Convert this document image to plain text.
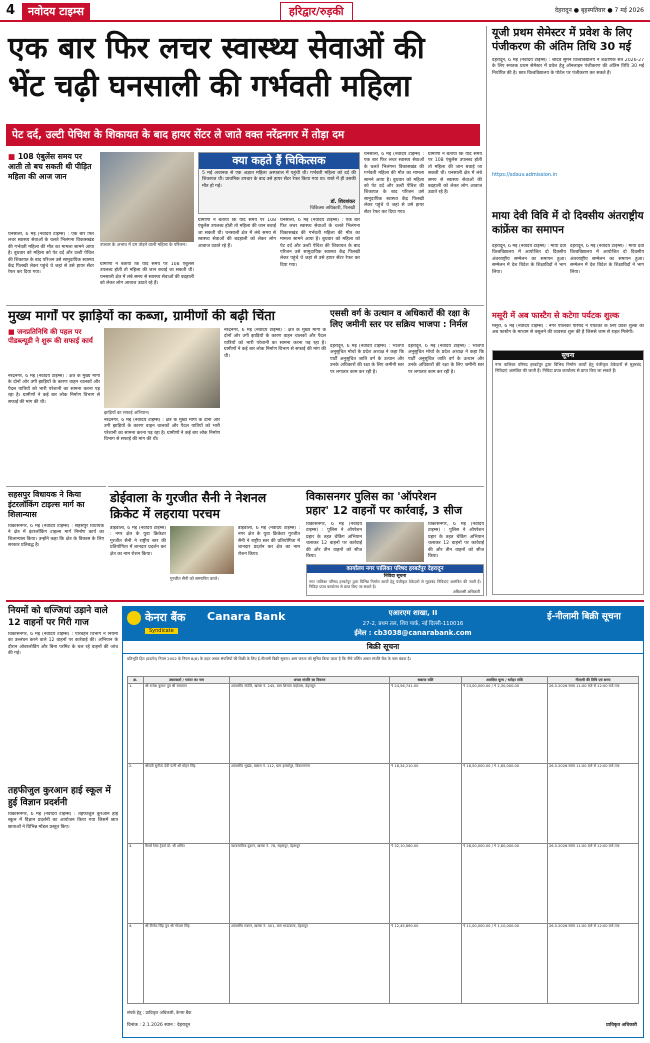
4	नवोदय टाइम्स	हरिद्वार/रुड़की	देहरादून ● बृहस्पतिवार ● 7 मई 2026
एक बार फिर लचर स्वास्थ्य सेवाओं की
भेंट चढ़ी घनसाली की गर्भवती महिला
पेट दर्द, उल्टी पेचिश के शिकायत के बाद हायर सेंटर ले जाते वक्त नरेंद्रनगर में तोड़ा दम
■ 108 एंबुलेंस समय पर आती तो बच सकती थी पीड़ित महिला की आज जान
घनसाली, 6 मई (नवोदय टाइम्स) : एक बार फिर लचर स्वास्थ्य सेवाओं के चलते भिलंगना विकासखंड की गर्भवती महिला की मौत का मामला सामने आया है। बुधवार को महिला को पेट दर्द और उल्टी पेचिश की शिकायत के बाद परिजन उसे सामुदायिक स्वास्थ्य केंद्र पिलखी लेकर पहुंचे थे जहां से उसे हायर सेंटर रेफर कर दिया गया।
उपचार के अभाव में दम तोड़ने वाली महिला के परिजन।
ग्रामीणों ने बताया कि यदि समय पर 108 एंबुलेंस उपलब्ध होती तो महिला की जान बचाई जा सकती थी। घनसाली क्षेत्र में लंबे समय से स्वास्थ्य सेवाओं की बदहाली को लेकर लोग आवाज उठाते रहे हैं।
क्या कहते हैं चिकित्सक
5 मई अचानक से एक अज्ञात महिला अस्पताल में पहुंची थी। गर्भवती महिला को दर्द की शिकायत थी। प्राथमिक उपचार के बाद उसे हायर सेंटर रेफर किया गया था। रास्ते में ही उसकी मौत हो गई।
डॉ. शिवशंकर
चिकित्सा अधिकारी, पिलखी
ग्रामीणों ने बताया कि यदि समय पर 108 एंबुलेंस उपलब्ध होती तो महिला की जान बचाई जा सकती थी। घनसाली क्षेत्र में लंबे समय से स्वास्थ्य सेवाओं की बदहाली को लेकर लोग आवाज उठाते रहे हैं।
घनसाली, 6 मई (नवोदय टाइम्स) : एक बार फिर लचर स्वास्थ्य सेवाओं के चलते भिलंगना विकासखंड की गर्भवती महिला की मौत का मामला सामने आया है। बुधवार को महिला को पेट दर्द और उल्टी पेचिश की शिकायत के बाद परिजन उसे सामुदायिक स्वास्थ्य केंद्र पिलखी लेकर पहुंचे थे जहां से उसे हायर सेंटर रेफर कर दिया गया।
घनसाली, 6 मई (नवोदय टाइम्स) : एक बार फिर लचर स्वास्थ्य सेवाओं के चलते भिलंगना विकासखंड की गर्भवती महिला की मौत का मामला सामने आया है। बुधवार को महिला को पेट दर्द और उल्टी पेचिश की शिकायत के बाद परिजन उसे सामुदायिक स्वास्थ्य केंद्र पिलखी लेकर पहुंचे थे जहां से उसे हायर सेंटर रेफर कर दिया गया।
ग्रामीणों ने बताया कि यदि समय पर 108 एंबुलेंस उपलब्ध होती तो महिला की जान बचाई जा सकती थी। घनसाली क्षेत्र में लंबे समय से स्वास्थ्य सेवाओं की बदहाली को लेकर लोग आवाज उठाते रहे हैं।
यूजी प्रथम सेमेस्टर में प्रवेश के लिए पंजीकरण की अंतिम तिथि 30 मई
देहरादून, 6 मई (नवोदय टाइम्स) : श्रीदेव सुमन विश्वविद्यालय ने शैक्षणिक सत्र 2026-27 के लिए स्नातक प्रथम सेमेस्टर में प्रवेश हेतु ऑनलाइन पंजीकरण की अंतिम तिथि 30 मई निर्धारित की है। छात्र विश्वविद्यालय के पोर्टल पर पंजीकरण कर सकते हैं।
https://sdsuv.admission.in
माया देवी विवि में दो दिवसीय अंतराष्ट्रीय कांफ्रेंस का समापन
देहरादून, 6 मई (नवोदय टाइम्स) : माया देवी विश्वविद्यालय में आयोजित दो दिवसीय अंतरराष्ट्रीय सम्मेलन का समापन हुआ। सम्मेलन में देश विदेश के शिक्षाविदों ने भाग लिया।
देहरादून, 6 मई (नवोदय टाइम्स) : माया देवी विश्वविद्यालय में आयोजित दो दिवसीय अंतरराष्ट्रीय सम्मेलन का समापन हुआ। सम्मेलन में देश विदेश के शिक्षाविदों ने भाग लिया।
मसूरी में अब फास्टैग से कटेगा पर्यटक शुल्क
मसूरी, 6 मई (नवोदय टाइम्स) : नगर पालिका परिषद ने पर्यटकों के लिए प्रवेश शुल्क को अब फास्टैग के माध्यम से वसूलने की व्यवस्था शुरू की है जिससे जाम से राहत मिलेगी।
सूचना
नगर पालिका परिषद हरबर्टपुर द्वारा विभिन्न निर्माण कार्यों हेतु पंजीकृत ठेकेदारों से मुहरबंद निविदाएं आमंत्रित की जाती हैं। निविदा प्रपत्र कार्यालय से प्राप्त किए जा सकते हैं।
मुख्य मार्गों पर झाड़ियों का कब्जा, ग्रामीणों की बढ़ी चिंता
■ जनप्रतिनिधि की पहल पर पीडब्ल्यूडी ने शुरू की सफाई कार्य
नरेंद्रनगर, 6 मई (नवोदय टाइम्स) : क्षेत्र के मुख्य मार्गों के दोनों ओर उगी झाड़ियों के कारण वाहन चालकों और पैदल यात्रियों को भारी परेशानी का सामना करना पड़ रहा है। ग्रामीणों ने कई बार लोक निर्माण विभाग से सफाई की मांग की थी।
झाड़ियों का सफाई अभियान।
नरेंद्रनगर, 6 मई (नवोदय टाइम्स) : क्षेत्र के मुख्य मार्गों के दोनों ओर उगी झाड़ियों के कारण वाहन चालकों और पैदल यात्रियों को भारी परेशानी का सामना करना पड़ रहा है। ग्रामीणों ने कई बार लोक निर्माण विभाग से सफाई की मांग की थी।
नरेंद्रनगर, 6 मई (नवोदय टाइम्स) : क्षेत्र के मुख्य मार्गों के दोनों ओर उगी झाड़ियों के कारण वाहन चालकों और पैदल यात्रियों को भारी परेशानी का सामना करना पड़ रहा है। ग्रामीणों ने कई बार लोक निर्माण विभाग से सफाई की मांग की थी।
एससी वर्ग के उत्थान व अधिकारों की रक्षा के लिए जमीनी स्तर पर सक्रिय भाजपा : निर्मल
देहरादून, 6 मई (नवोदय टाइम्स) : भाजपा अनुसूचित मोर्चा के प्रदेश अध्यक्ष ने कहा कि पार्टी अनुसूचित जाति वर्ग के उत्थान और उनके अधिकारों की रक्षा के लिए जमीनी स्तर पर लगातार काम कर रही है।
देहरादून, 6 मई (नवोदय टाइम्स) : भाजपा अनुसूचित मोर्चा के प्रदेश अध्यक्ष ने कहा कि पार्टी अनुसूचित जाति वर्ग के उत्थान और उनके अधिकारों की रक्षा के लिए जमीनी स्तर पर लगातार काम कर रही है।
सहसपुर विधायक ने किया इंटरलॉकिंग टाइल्स मार्ग का शिलान्यास
विकासनगर, 6 मई (नवोदय टाइम्स) : सहसपुर विधायक ने क्षेत्र में इंटरलॉकिंग टाइल्स मार्ग निर्माण कार्य का शिलान्यास किया। उन्होंने कहा कि क्षेत्र के विकास के लिए सरकार प्रतिबद्ध है।
डोईवाला के गुरजीत सैनी ने नेशनल
क्रिकेट में लहराया परचम
डोईवाला, 6 मई (नवोदय टाइम्स) : नगर क्षेत्र के युवा क्रिकेटर गुरजीत सैनी ने राष्ट्रीय स्तर की प्रतियोगिता में शानदार प्रदर्शन कर क्षेत्र का नाम रोशन किया।
गुरजीत सैनी को सम्मानित करते।
डोईवाला, 6 मई (नवोदय टाइम्स) : नगर क्षेत्र के युवा क्रिकेटर गुरजीत सैनी ने राष्ट्रीय स्तर की प्रतियोगिता में शानदार प्रदर्शन कर क्षेत्र का नाम रोशन किया।
विकासनगर पुलिस का 'ऑपरेशन
प्रहार' 12 वाहनों पर कार्रवाई, 3 सीज
विकासनगर, 6 मई (नवोदय टाइम्स) : पुलिस ने ऑपरेशन प्रहार के तहत चेकिंग अभियान चलाकर 12 वाहनों पर कार्रवाई की और तीन वाहनों को सीज किया।
विकासनगर, 6 मई (नवोदय टाइम्स) : पुलिस ने ऑपरेशन प्रहार के तहत चेकिंग अभियान चलाकर 12 वाहनों पर कार्रवाई की और तीन वाहनों को सीज किया।
कार्यालय नगर पालिका परिषद हरबर्टपुर देहरादून
निविदा सूचना
नगर पालिका परिषद हरबर्टपुर द्वारा विभिन्न निर्माण कार्यों हेतु पंजीकृत ठेकेदारों से मुहरबंद निविदाएं आमंत्रित की जाती हैं। निविदा प्रपत्र कार्यालय से प्राप्त किए जा सकते हैं।
अधिशासी अधिकारी
नियमों को धज्जियां उड़ाने वाले 12 वाहनों पर गिरी गाज
विकासनगर, 6 मई (नवोदय टाइम्स) : परिवहन विभाग ने नियमों का उल्लंघन करने वाले 12 वाहनों पर कार्रवाई की। अभियान के दौरान ओवरलोडिंग और बिना परमिट के चल रहे वाहनों की जांच की गई।
तहफीजुल कुरआन हाई स्कूल में हुई विज्ञान प्रदर्शनी
विकासनगर, 6 मई (नवोदय टाइम्स) : तहफीजुल कुरआन हाई स्कूल में विज्ञान प्रदर्शनी का आयोजन किया गया जिसमें छात्र छात्राओं ने विभिन्न मॉडल प्रस्तुत किए।
केनरा बैंक Canara Bank
Syndicate
एआरएम शाखा, II
27-2, प्रथम तल, शिव पार्क, नई दिल्ली-110016
ईमेल : cb3038@canarabank.com
ई-नीलामी बिक्री सूचना
बिक्री सूचना
प्रतिभूति हित (प्रवर्तन) नियम 2002 के नियम 8(6) के तहत अचल संपत्तियों की बिक्री के लिए ई-नीलामी बिक्री सूचना। आम जनता को सूचित किया जाता है कि नीचे वर्णित अचल संपत्ति बैंक के पास बंधक है।
क्र.	उधारकर्ता / गारंटर का नाम	अचल संपत्ति का विवरण	बकाया राशि	आरक्षित मूल्य / धरोहर राशि	नीलामी की तिथि एवं समय
1.	श्री राजेश कुमार पुत्र श्री रामलाल	आवासीय संपत्ति, खसरा नं. 245, ग्राम शिमला बाईपास, देहरादून	₹ 24,56,741.00	₹ 23,00,000.00 / ₹ 2,30,000.00	26.5.2026 समय 11:00 बजे से 12:00 बजे तक
2.	श्रीमती सुनीता देवी पत्नी श्री मोहन सिंह	आवासीय भूखंड, खसरा नं. 112, ग्राम हरबर्टपुर, विकासनगर	₹ 18,34,210.00	₹ 16,50,000.00 / ₹ 1,65,000.00	26.5.2026 समय 11:00 बजे से 12:00 बजे तक
3.	मैसर्स शिव ट्रेडर्स प्रो. श्री अमित	व्यावसायिक दुकान, खसरा नं. 78, सहसपुर, देहरादून	₹ 32,10,560.00	₹ 28,00,000.00 / ₹ 2,80,000.00	26.5.2026 समय 11:00 बजे से 12:00 बजे तक
4.	श्री विनोद सिंह पुत्र श्री गोपाल सिंह	आवासीय मकान, खसरा नं. 301, ग्राम भाऊवाला, देहरादून	₹ 12,45,890.00	₹ 11,00,000.00 / ₹ 1,10,000.00	26.5.2026 समय 11:00 बजे से 12:00 बजे तक
संपर्क हेतु : प्राधिकृत अधिकारी, केनरा बैंक
दिनांक : 2.1.2026 स्थान : देहरादून	प्राधिकृत अधिकारी
